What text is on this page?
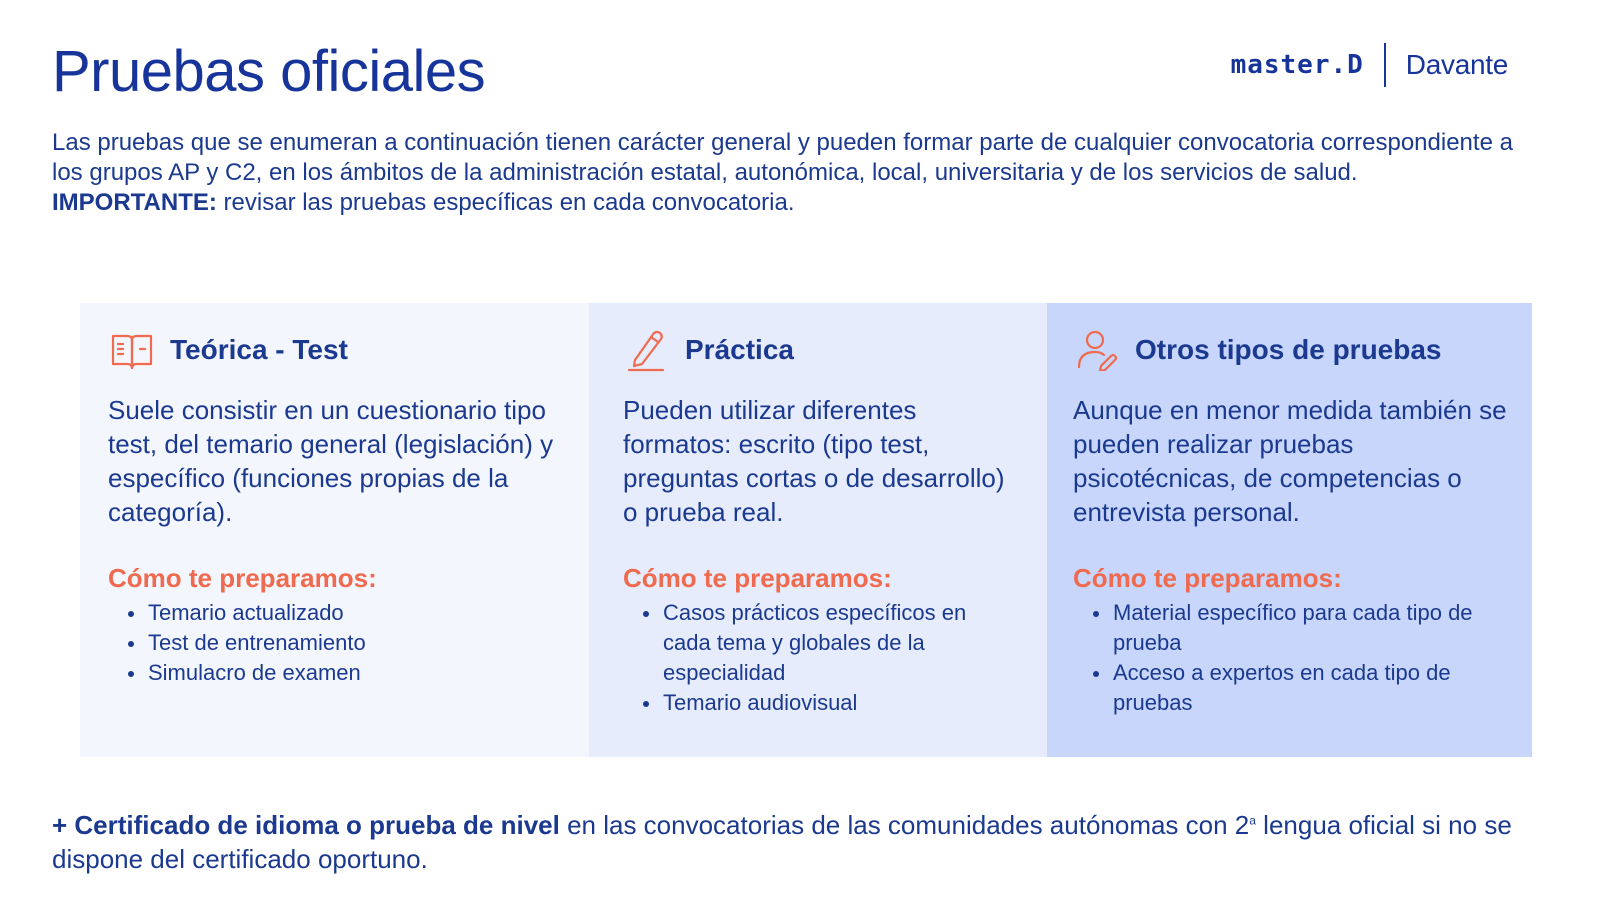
Pruebas oficiales	master.D Davante

Las pruebas que se enumeran a continuación tienen carácter general y pueden formar parte de cualquier convocatoria correspondiente a los grupos AP y C2, en los ámbitos de la administración estatal, autonómica, local, universitaria y de los servicios de salud.

IMPORTANTE: revisar las pruebas específicas en cada convocatoria.

Teórica - Test
Suele consistir en un cuestionario tipo test, del temario general (legislación) y específico (funciones propias de la categoría).
Cómo te preparamos:
Temario actualizado
Test de entrenamiento
Simulacro de examen
Práctica
Pueden utilizar diferentes formatos: escrito (tipo test, preguntas cortas o de desarrollo) o prueba real.
Cómo te preparamos:
Casos prácticos específicos en cada tema y globales de la especialidad
Temario audiovisual
Otros tipos de pruebas
Aunque en menor medida también se pueden realizar pruebas psicotécnicas, de competencias o entrevista personal.
Cómo te preparamos:
Material específico para cada tipo de prueba
Acceso a expertos en cada tipo de pruebas

+ Certificado de idioma o prueba de nivel en las convocatorias de las comunidades autónomas con 2$^a$ lengua oficial si no se dispone del certificado oportuno.
